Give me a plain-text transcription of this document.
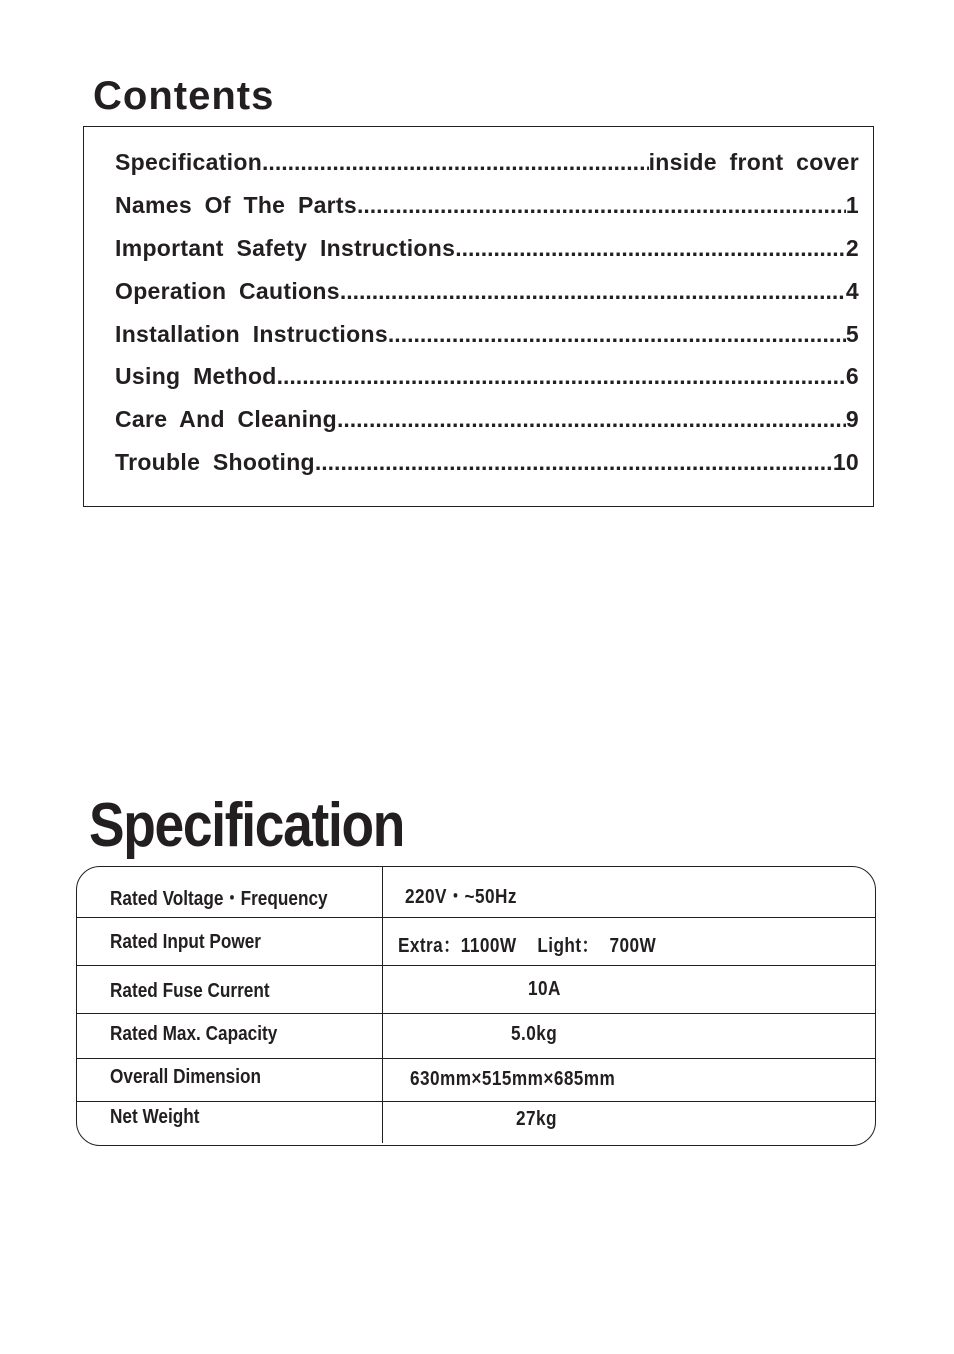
Contents
Specification .....	inside front cover
Names Of The Parts .....	1
Important Safety Instructions .....	2
Operation Cautions .....	4
Installation Instructions .....	5
Using Method .....	6
Care And Cleaning .....	9
Trouble Shooting .....	10
Specification
Rated Voltage・Frequency	220V・~50Hz
Rated Input Power	Extra：1100W    Light：  700W
Rated Fuse Current	10A
Rated Max. Capacity	5.0kg
Overall Dimension	630mm×515mm×685mm
Net Weight	27kg
